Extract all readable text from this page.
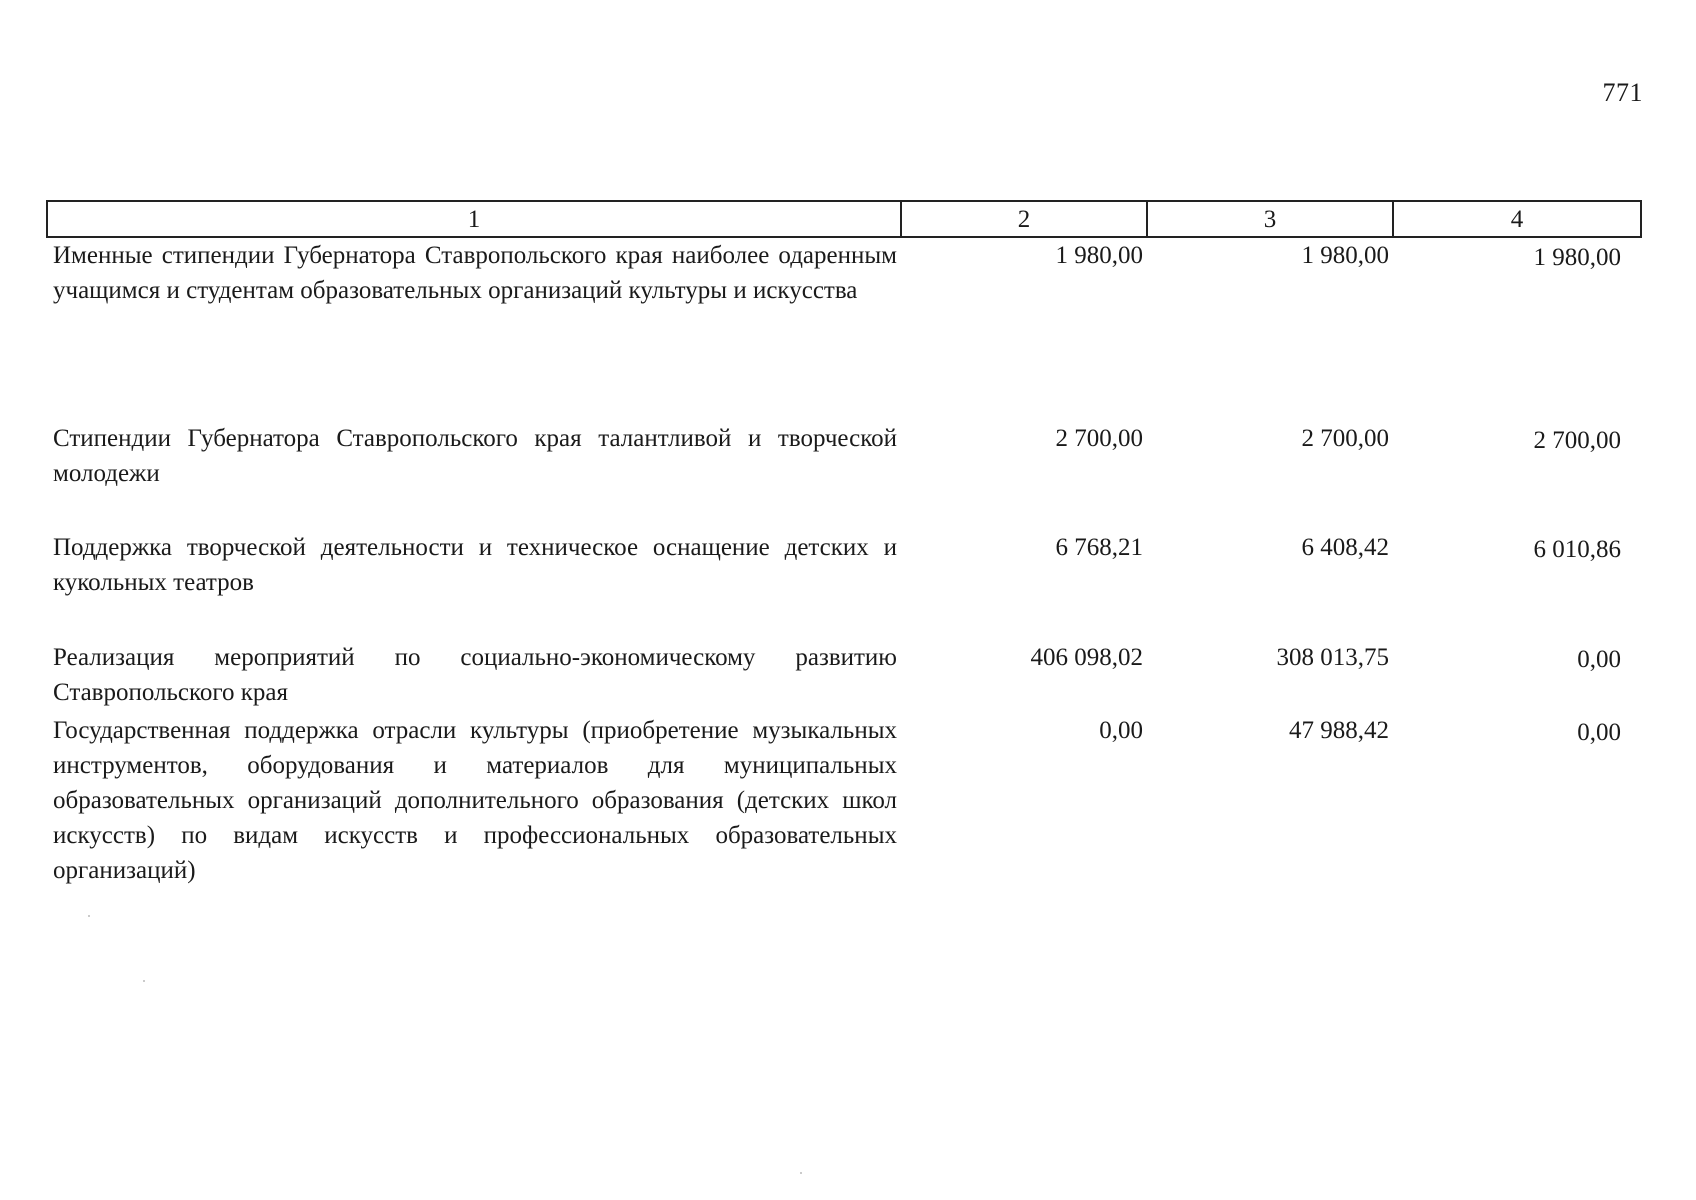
771
1	2	3	4
Именные стипендии Губернатора Ставропольского края наиболее одаренным учащимся и студентам образовательных организаций культуры и искусства	1 980,00	1 980,00	1 980,00
Стипендии Губернатора Ставропольского края талантливой и творческой молодежи	2 700,00	2 700,00	2 700,00
Поддержка творческой деятельности и техническое оснащение детских и кукольных театров	6 768,21	6 408,42	6 010,86
Реализация мероприятий по социально-экономическому развитию Ставропольского края	406 098,02	308 013,75	0,00
Государственная поддержка отрасли культуры (приобретение музыкальных инструментов, оборудования и материалов для муниципальных образовательных организаций дополнительного образования (детских школ искусств) по видам искусств и профессиональных образовательных организаций)	0,00	47 988,42	0,00
